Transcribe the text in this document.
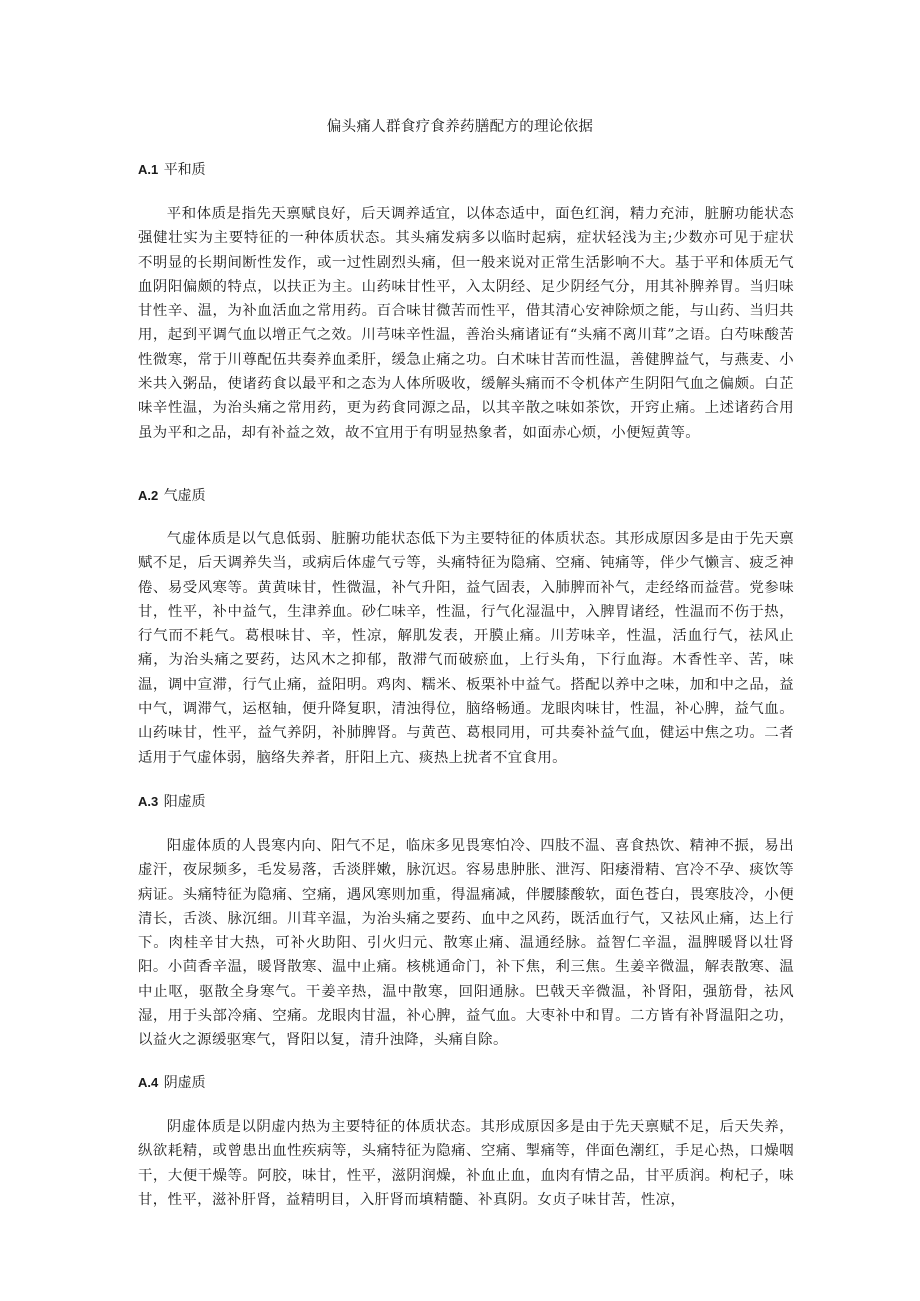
偏头痛人群食疗食养药膳配方的理论依据
A.1 平和质

平和体质是指先天禀赋良好，后天调养适宜，以体态适中，面色红润，精力充沛，脏腑功能状态强健壮实为主要特征的一种体质状态。其头痛发病多以临时起病，症状轻浅为主;少数亦可见于症状不明显的长期间断性发作，或一过性剧烈头痛，但一般来说对正常生活影响不大。基于平和体质无气血阴阳偏颇的特点，以扶正为主。山药味甘性平，入太阴经、足少阴经气分，用其补脾养胃。当归味甘性辛、温，为补血活血之常用药。百合味甘微苦而性平，借其清心安神除烦之能，与山药、当归共用，起到平调气血以增正气之效。川芎味辛性温，善治头痛诸证有“头痛不离川茸”之语。白芍味酸苦性微寒，常于川尊配伍共奏养血柔肝，缓急止痛之功。白术味甘苦而性温，善健脾益气，与燕麦、小米共入粥品，使诸药食以最平和之态为人体所吸收，缓解头痛而不令机体产生阴阳气血之偏颇。白芷味辛性温，为治头痛之常用药，更为药食同源之品，以其辛散之味如茶饮，开窍止痛。上述诸药合用虽为平和之品，却有补益之效，故不宜用于有明显热象者，如面赤心烦，小便短黄等。

A.2 气虚质

气虚体质是以气息低弱、脏腑功能状态低下为主要特征的体质状态。其形成原因多是由于先天禀赋不足，后天调养失当，或病后体虚气亏等，头痛特征为隐痛、空痛、钝痛等，伴少气懒言、疲乏神倦、易受风寒等。黄黄味甘，性微温，补气升阳，益气固表，入肺脾而补气，走经络而益营。党参味甘，性平，补中益气，生津养血。砂仁味辛，性温，行气化湿温中，入脾胃诸经，性温而不伤于热，行气而不耗气。葛根味甘、辛，性凉，解肌发表，开膜止痛。川芳味辛，性温，活血行气，祛风止痛，为治头痛之要药，达风木之抑郁，散滞气而破瘀血，上行头角，下行血海。木香性辛、苦，味温，调中宣滞，行气止痛，益阳明。鸡肉、糯米、板栗补中益气。搭配以养中之味，加和中之品，益中气，调滞气，运枢轴，便升降复职，清浊得位，脑络畅通。龙眼肉味甘，性温，补心脾，益气血。山药味甘，性平，益气养阴，补肺脾肾。与黄芭、葛根同用，可共奏补益气血，健运中焦之功。二者适用于气虚体弱，脑络失养者，肝阳上亢、痰热上扰者不宜食用。

A.3 阳虚质

阳虚体质的人畏寒内向、阳气不足，临床多见畏寒怕冷、四肢不温、喜食热饮、精神不振，易出虚汗，夜尿频多，毛发易落，舌淡胖嫩，脉沉迟。容易患肿胀、泄泻、阳痿滑精、宫冷不孕、痰饮等病证。头痛特征为隐痛、空痛，遇风寒则加重，得温痛减，伴腰膝酸软，面色苍白，畏寒肢冷，小便清长，舌淡、脉沉细。川茸辛温，为治头痛之要药、血中之风药，既活血行气，又祛风止痛，达上行下。肉桂辛甘大热，可补火助阳、引火归元、散寒止痛、温通经脉。益智仁辛温，温脾暖肾以壮肾阳。小茴香辛温，暖肾散寒、温中止痛。核桃通命门，补下焦，利三焦。生姜辛微温，解表散寒、温中止呕，驱散全身寒气。干姜辛热，温中散寒，回阳通脉。巴戟天辛微温，补肾阳，强筋骨，祛风湿，用于头部冷痛、空痛。龙眼肉甘温，补心脾，益气血。大枣补中和胃。二方皆有补肾温阳之功，以益火之源缓驱寒气，肾阳以复，清升浊降，头痛自除。

A.4 阴虚质

阴虚体质是以阴虚内热为主要特征的体质状态。其形成原因多是由于先天禀赋不足，后天失养，纵欲耗精，或曾患出血性疾病等，头痛特征为隐痛、空痛、掣痛等，伴面色潮红，手足心热，口燥咽干，大便干燥等。阿胶，味甘，性平，滋阴润燥，补血止血，血肉有情之品，甘平质润。枸杞子，味甘，性平，滋补肝肾，益精明目，入肝肾而填精髓、补真阴。女贞子味甘苦，性凉，
